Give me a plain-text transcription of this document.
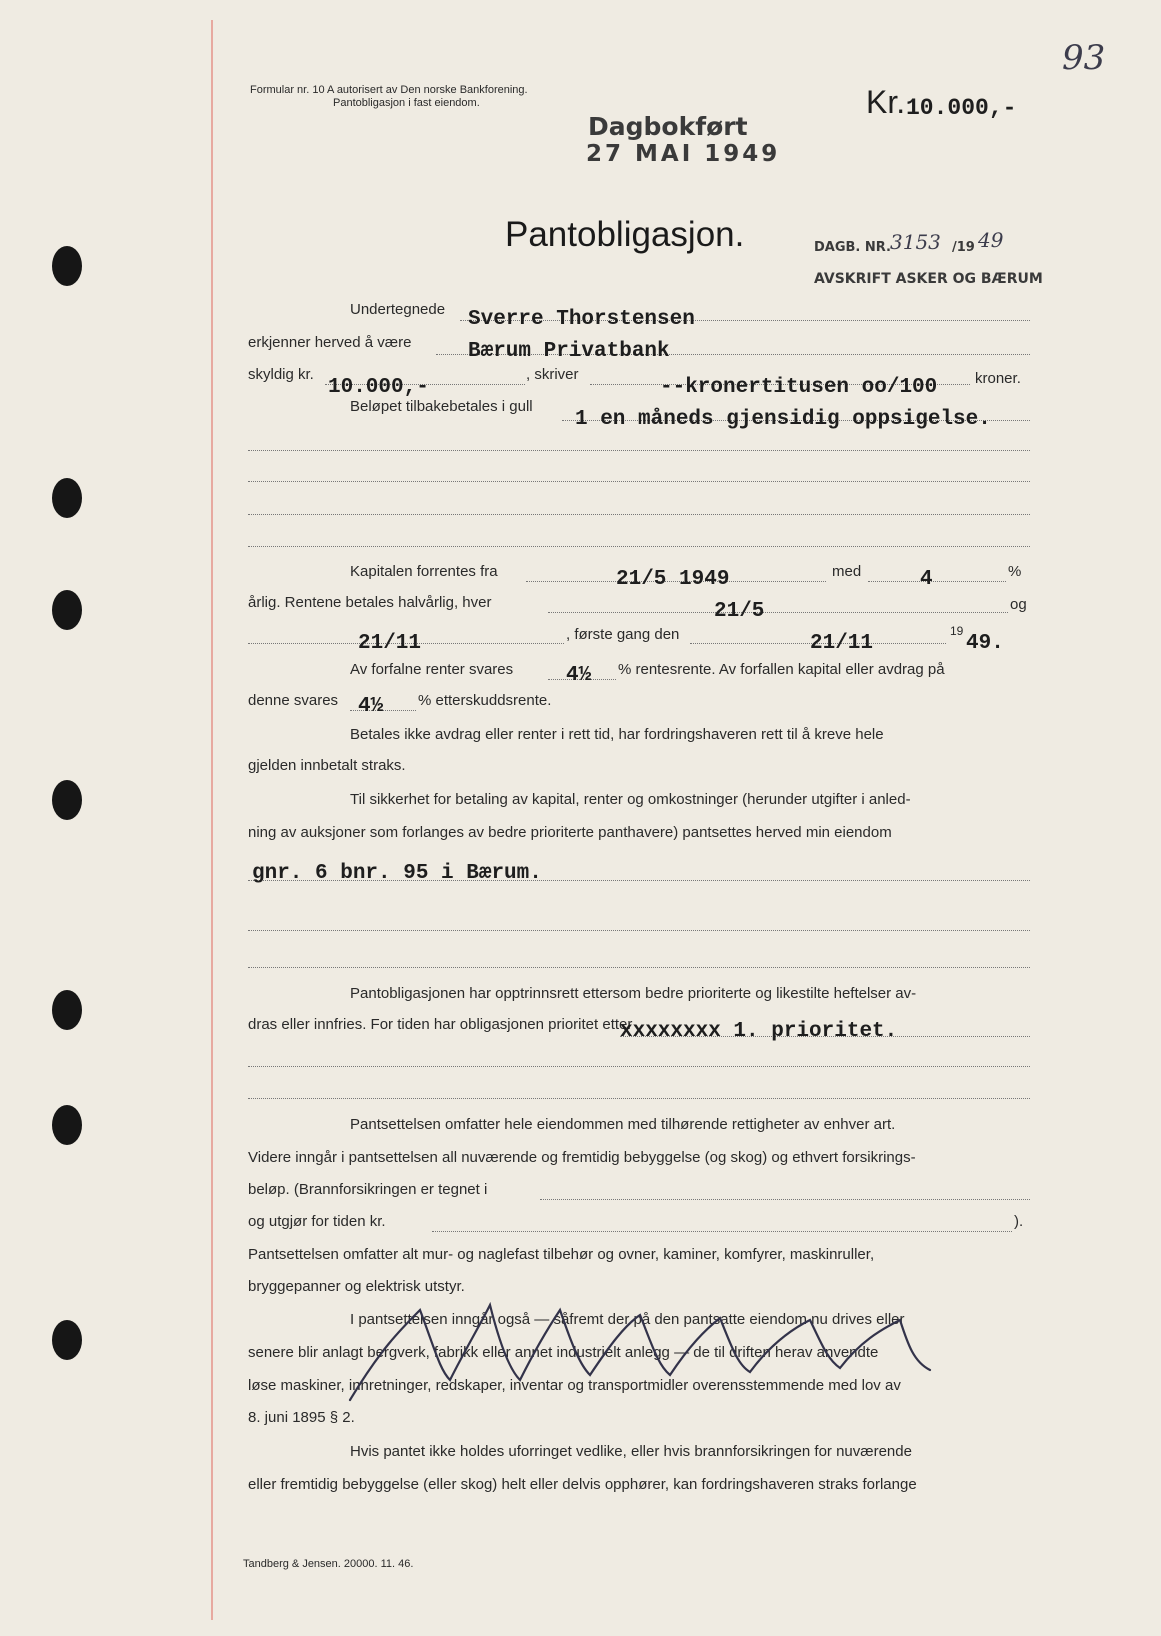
Formular nr. 10 A autorisert av Den norske Bankforening.
Pantobligasjon i fast eiendom.
Dagbokført
27 MAI 1949
Kr. 10.000,-
93
Pantobligasjon.	DAGB. NR. 3153 /19 49
AVSKRIFT ASKER OG BÆRUM
Undertegnede Sverre Thorstensen
erkjenner herved å være	Bærum Privatbank
skyldig kr.
10.000,-
, skriver
--kronertitusen oo/100	kroner.
Beløpet tilbakebetales i gull
1 en måneds gjensidig oppsigelse.
Kapitalen forrentes fra	21/5 1949	med	4	%
årlig. Rentene betales halvårlig, hver	21/5	og
21/11	, første gang den	21/11
19
49.
Av forfalne renter svares	4½ % rentesrente. Av forfallen kapital eller avdrag på
denne svares 4½ % etterskuddsrente.
Betales ikke avdrag eller renter i rett tid, har fordringshaveren rett til å kreve hele
gjelden innbetalt straks.
Til sikkerhet for betaling av kapital, renter og omkostninger (herunder utgifter i anled-
ning av auksjoner som forlanges av bedre prioriterte panthavere) pantsettes herved min eiendom
gnr. 6 bnr. 95 i Bærum.
Pantobligasjonen har opptrinnsrett ettersom bedre prioriterte og likestilte heftelser av-
dras eller innfries. For tiden har obligasjonen prioritet etter
xxxxxxxx 1. prioritet.
Pantsettelsen omfatter hele eiendommen med tilhørende rettigheter av enhver art.
Videre inngår i pantsettelsen all nuværende og fremtidig bebyggelse (og skog) og ethvert forsikrings-
beløp. (Brannforsikringen er tegnet i
og utgjør for tiden kr.	).
Pantsettelsen omfatter alt mur- og naglefast tilbehør og ovner, kaminer, komfyrer, maskinruller,
bryggepanner og elektrisk utstyr.
I pantsettelsen inngår også — såfremt der på den pantsatte eiendom nu drives eller
senere blir anlagt bergverk, fabrikk eller annet industrielt anlegg — de til driften herav anvendte
løse maskiner, innretninger, redskaper, inventar og transportmidler overensstemmende med lov av
8. juni 1895 § 2.
Hvis pantet ikke holdes uforringet vedlike, eller hvis brannforsikringen for nuværende
eller fremtidig bebyggelse (eller skog) helt eller delvis opphører, kan fordringshaveren straks forlange
Tandberg & Jensen. 20000. 11. 46.
